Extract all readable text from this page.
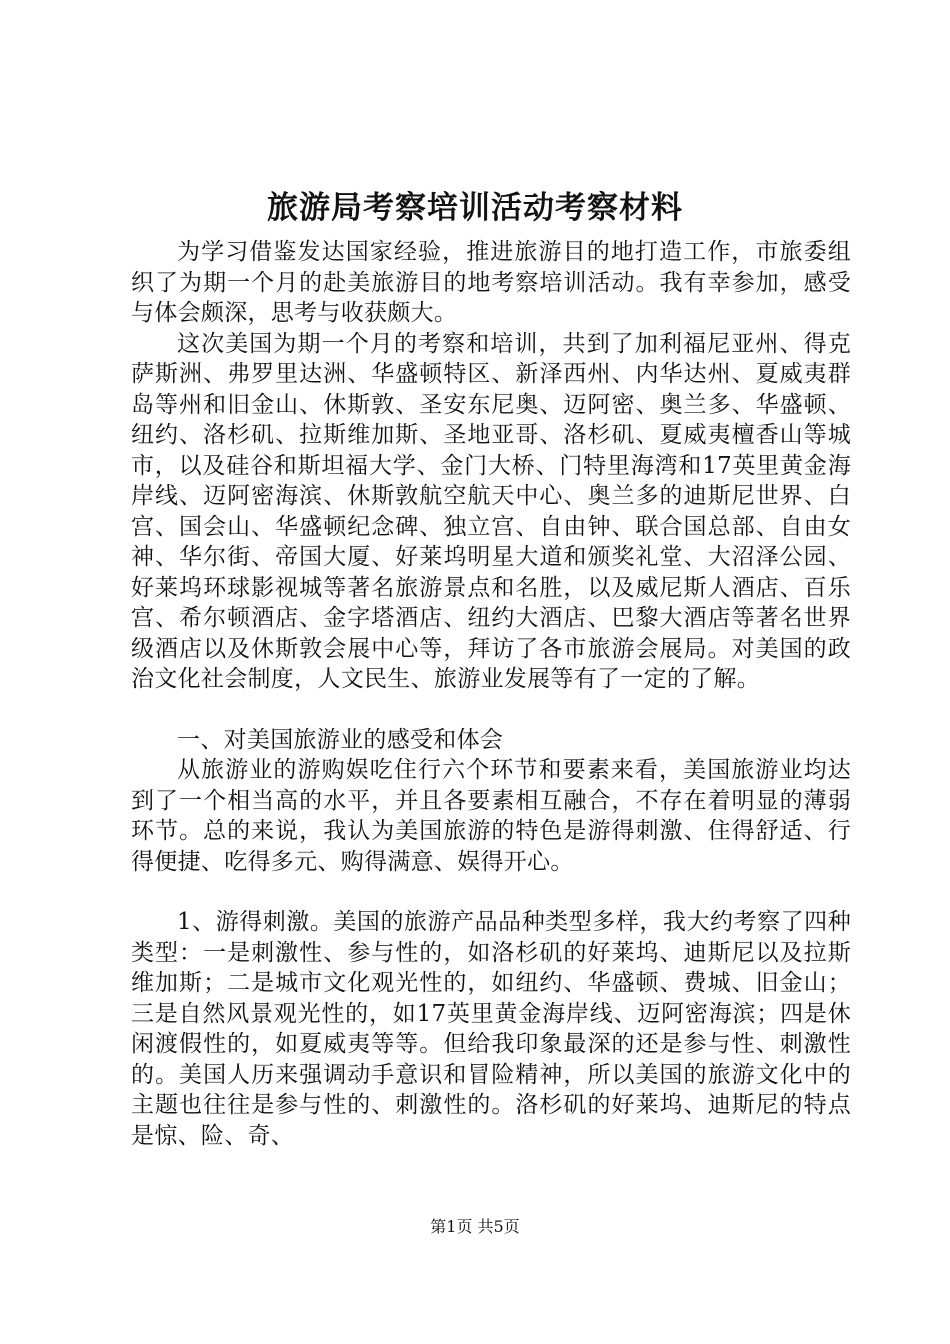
旅游局考察培训活动考察材料

为学习借鉴发达国家经验，推进旅游目的地打造工作，市旅委组织了为期一个月的赴美旅游目的地考察培训活动。我有幸参加，感受与体会颇深，思考与收获颇大。

这次美国为期一个月的考察和培训，共到了加利福尼亚州、得克萨斯洲、弗罗里达洲、华盛顿特区、新泽西州、内华达州、夏威夷群岛等州和旧金山、休斯敦、圣安东尼奥、迈阿密、奥兰多、华盛顿、纽约、洛杉矶、拉斯维加斯、圣地亚哥、洛杉矶、夏威夷檀香山等城市，以及硅谷和斯坦福大学、金门大桥、门特里海湾和17英里黄金海岸线、迈阿密海滨、休斯敦航空航天中心、奥兰多的迪斯尼世界、白宫、国会山、华盛顿纪念碑、独立宫、自由钟、联合国总部、自由女神、华尔街、帝国大厦、好莱坞明星大道和颁奖礼堂、大沼泽公园、好莱坞环球影视城等著名旅游景点和名胜，以及威尼斯人酒店、百乐宫、希尔顿酒店、金字塔酒店、纽约大酒店、巴黎大酒店等著名世界级酒店以及休斯敦会展中心等，拜访了各市旅游会展局。对美国的政治文化社会制度，人文民生、旅游业发展等有了一定的了解。

一、对美国旅游业的感受和体会

从旅游业的游购娱吃住行六个环节和要素来看，美国旅游业均达到了一个相当高的水平，并且各要素相互融合，不存在着明显的薄弱环节。总的来说，我认为美国旅游的特色是游得刺激、住得舒适、行得便捷、吃得多元、购得满意、娱得开心。

1、游得刺激。美国的旅游产品品种类型多样，我大约考察了四种类型：一是刺激性、参与性的，如洛杉矶的好莱坞、迪斯尼以及拉斯维加斯；二是城市文化观光性的，如纽约、华盛顿、费城、旧金山；三是自然风景观光性的，如17英里黄金海岸线、迈阿密海滨；四是休闲渡假性的，如夏威夷等等。但给我印象最深的还是参与性、刺激性的。美国人历来强调动手意识和冒险精神，所以美国的旅游文化中的主题也往往是参与性的、刺激性的。洛杉矶的好莱坞、迪斯尼的特点是惊、险、奇、

第1页 共5页
